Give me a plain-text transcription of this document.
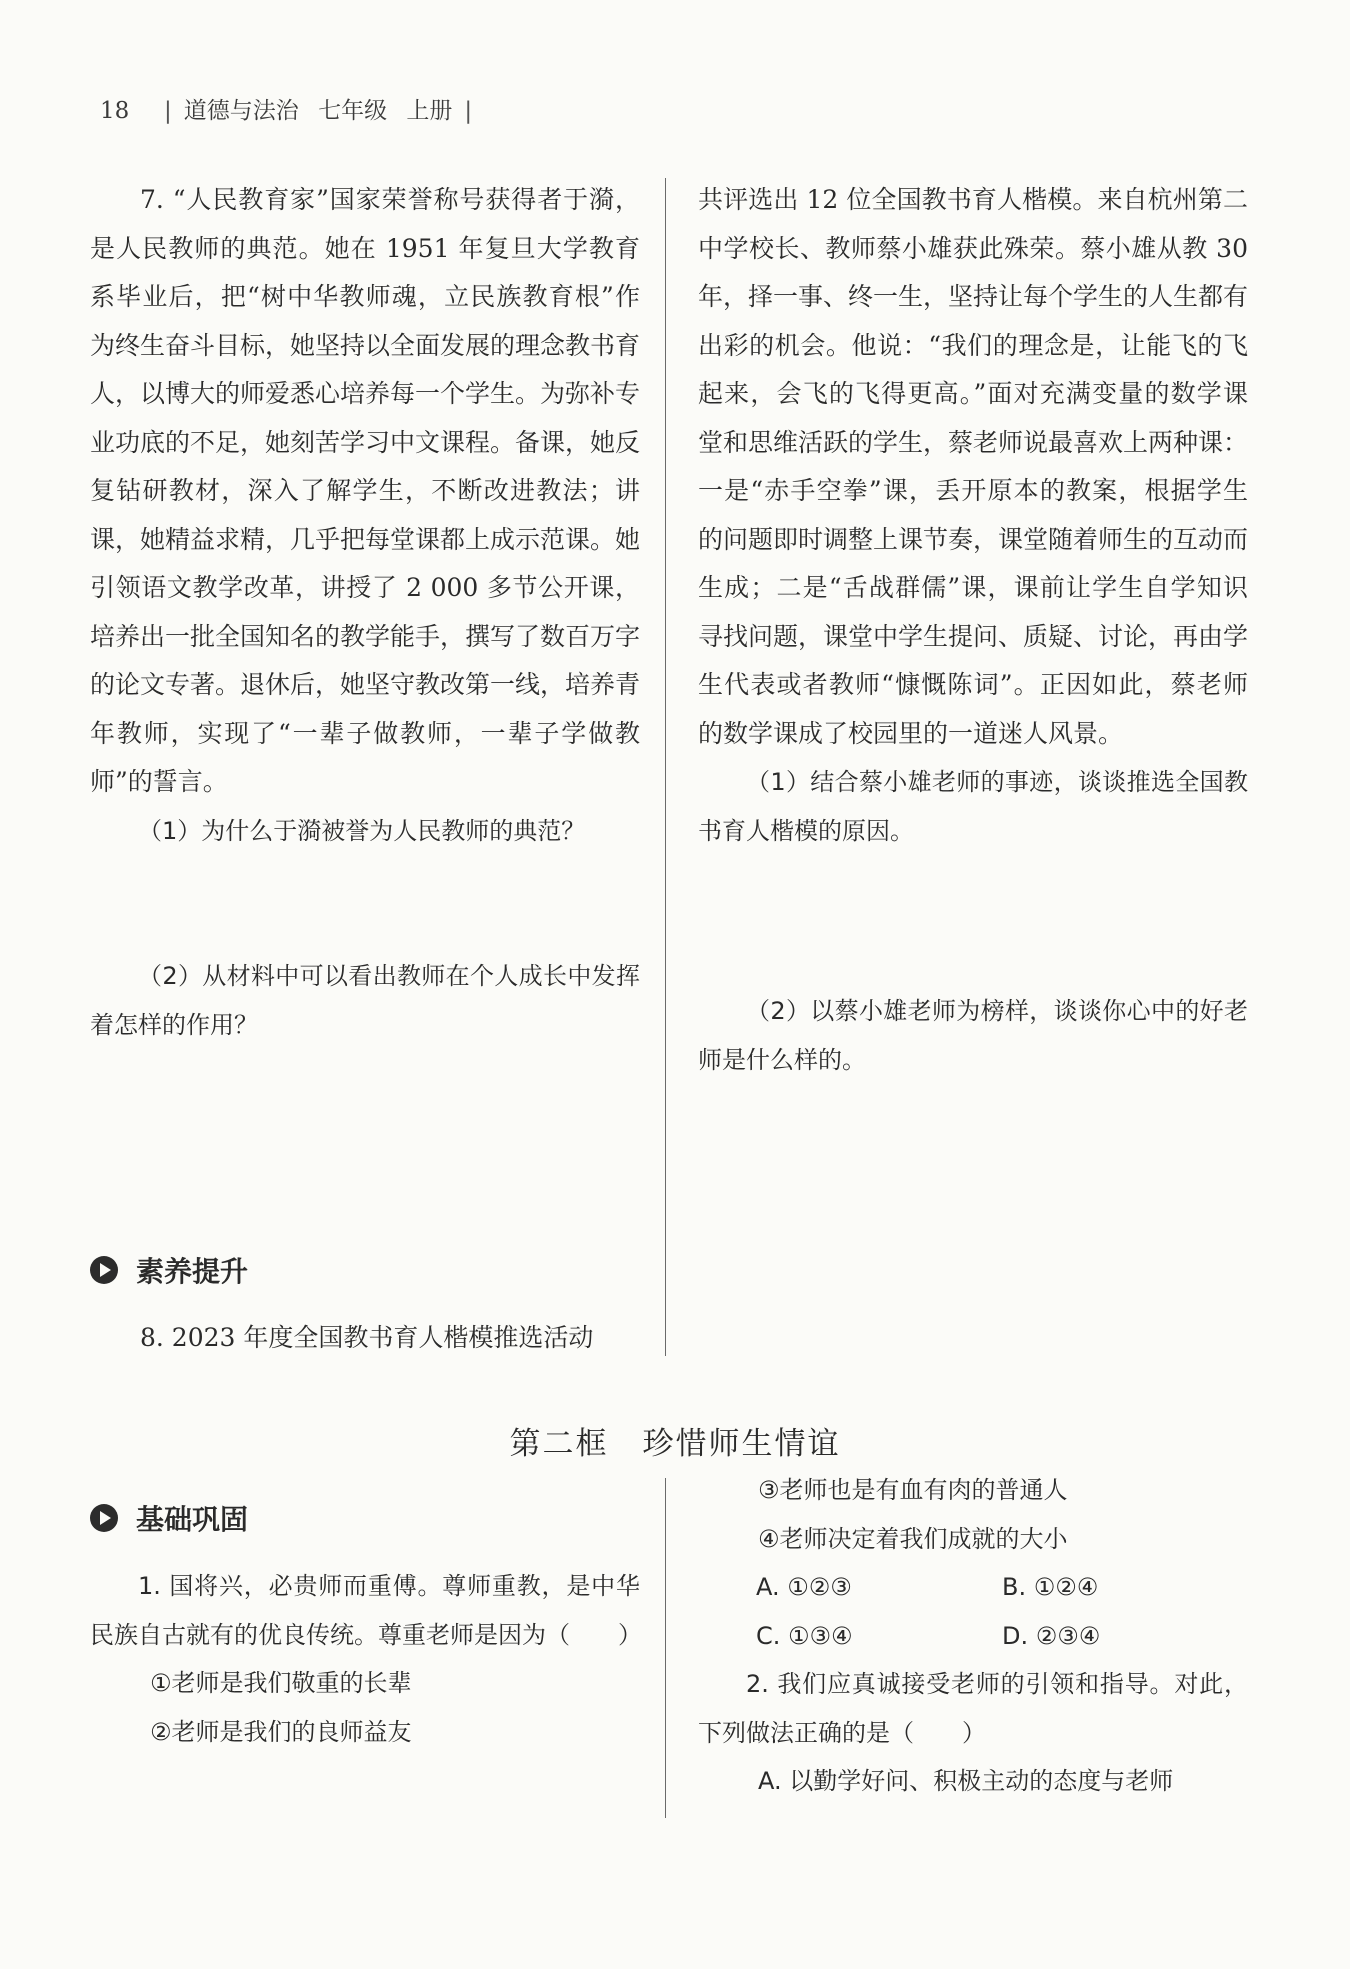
18 | 道德与法治 七年级 上册 |

7. “人民教育家”国家荣誉称号获得者于漪，是人民教师的典范。她在 1951 年复旦大学教育系毕业后，把“树中华教师魂，立民族教育根”作为终生奋斗目标，她坚持以全面发展的理念教书育人，以博大的师爱悉心培养每一个学生。为弥补专业功底的不足，她刻苦学习中文课程。备课，她反复钻研教材，深入了解学生，不断改进教法；讲课，她精益求精，几乎把每堂课都上成示范课。她引领语文教学改革，讲授了 2 000 多节公开课，培养出一批全国知名的教学能手，撰写了数百万字的论文专著。退休后，她坚守教改第一线，培养青年教师，实现了“一辈子做教师，一辈子学做教师”的誓言。

（1）为什么于漪被誉为人民教师的典范？

（2）从材料中可以看出教师在个人成长中发挥着怎样的作用？

共评选出 12 位全国教书育人楷模。来自杭州第二中学校长、教师蔡小雄获此殊荣。蔡小雄从教 30 年，择一事、终一生，坚持让每个学生的人生都有出彩的机会。他说：“我们的理念是，让能飞的飞起来，会飞的飞得更高。”面对充满变量的数学课堂和思维活跃的学生，蔡老师说最喜欢上两种课：一是“赤手空拳”课，丢开原本的教案，根据学生的问题即时调整上课节奏，课堂随着师生的互动而生成；二是“舌战群儒”课，课前让学生自学知识寻找问题，课堂中学生提问、质疑、讨论，再由学生代表或者教师“慷慨陈词”。正因如此，蔡老师的数学课成了校园里的一道迷人风景。

（1）结合蔡小雄老师的事迹，谈谈推选全国教书育人楷模的原因。

（2）以蔡小雄老师为榜样，谈谈你心中的好老师是什么样的。

素养提升

8. 2023 年度全国教书育人楷模推选活动

第二框 珍惜师生情谊
基础巩固

1. 国将兴，必贵师而重傅。尊师重教，是中华民族自古就有的优良传统。尊重老师是因为（　　）

①老师是我们敬重的长辈

②老师是我们的良师益友

③老师也是有血有肉的普通人

④老师决定着我们成就的大小

A. ①②③	B. ①②④
C. ①③④	D. ②③④

2. 我们应真诚接受老师的引领和指导。对此，下列做法正确的是（　　）

A. 以勤学好问、积极主动的态度与老师
